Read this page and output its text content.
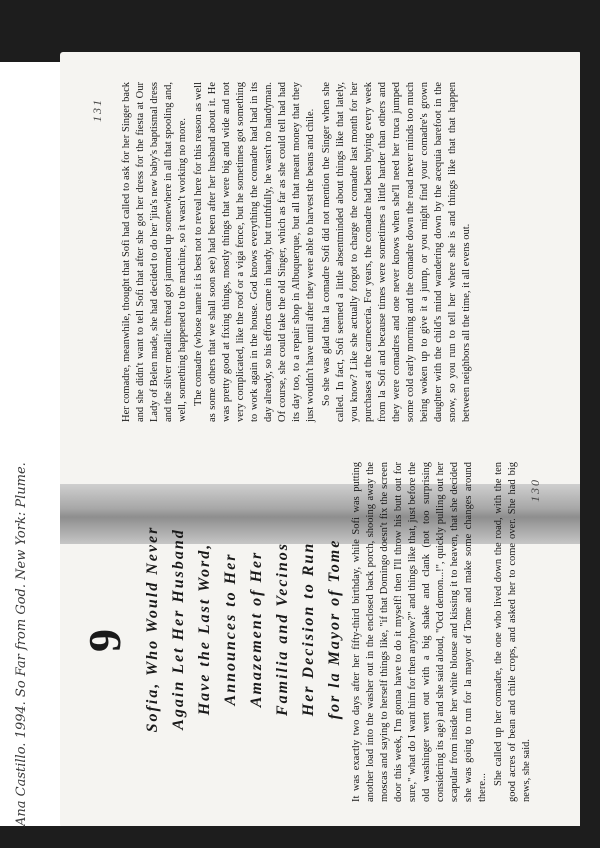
Ana Castillo. 1994. So Far from God. New York: Plume.	9 Sofia, Who Would Never Again Let Her Husband Have the Last Word, Announces to Her Amazement of Her Familia and Vecinos Her Decision to Run for la Mayor of Tome It was exactly two days after her fifty-third birthday, while Sofi was putting another load into the washer out in the enclosed back porch, shooing away the moscas and saying to herself things like, "if that Domingo doesn't fix the screen door this week, I'm gonna have to do it myself! then I'll throw his butt out for sure," what do I want him for then anyhow?" and things like that, just before the old washinger went out with a big shake and clank (not too surprising considering its age) and she said aloud, "Ocd demon...!", quickly pulling out her scapular from inside her white blouse and kissing it to heaven, that she decided she was going to run for la mayor of Tome and make some changes around there...

She called up her comadre, the one who lived down the road, with the ten good acres of bean and chile crops, and asked her to come over. She had big news, she said.

130
131 Her comadre, meanwhile, thought that Sofi had called to ask for her Singer back and she didn't want to tell Sofi that after she got her dress for the fiesta at Our Lady of Belen made, she had decided to do her 'jita's new baby's baptismal dress and the silver metallic thread got jammed up somewhere in all that spooling and, well, something happened to the machine, so it wasn't working no more. The comadre (whose name it is best not to reveal here for this reason as well as some others that we shall soon see) had been after her husband about it. He was pretty good at fixing things, mostly things that were big and wide and not very complicated, like the roof or a viga fence, but he sometimes got something to work again in the house. God knows everything the comadre had had in its day already, so his efforts came in handy, but truthfully, he wasn't no handyman. Of course, she could take the old Singer, which as far as she could tell had had its day too, to a repair shop in Albuquerque, but all that meant money that they just wouldn't have until after they were able to harvest the beans and chile. So she was glad that la comadre Sofi did not mention the Singer when she called. In fact, Sofi seemed a little absentminded about things like that lately, you know? Like she actually forgot to charge the comadre last month for her purchases at the carnecería. For years, the comadre had been buying every week from la Sofi and because times were sometimes a little harder than others and they were comadres and one never knows when she'll need her truca jumped some cold early morning and the comadre down the road never minds too much being woken up to give it a jump, or you might find your comadre's grown daughter with the child's mind wandering down by the acequia barefoot in the snow, so you run to tell her where she is and things like that that happen between neighbors all the time, it all evens out.
